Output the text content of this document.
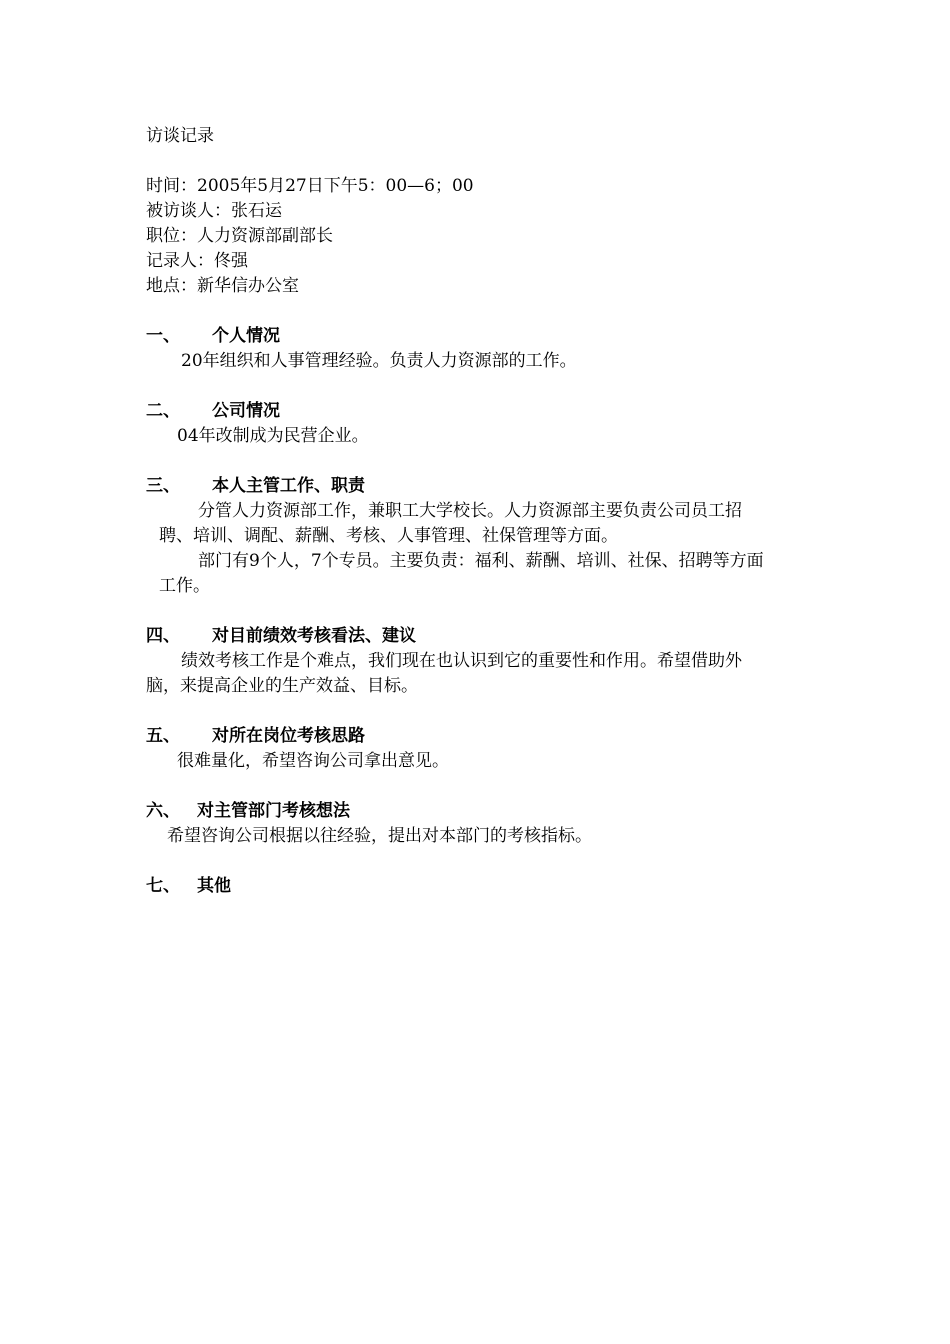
访谈记录
时间：2005年5月27日下午5：00—6；00
被访谈人：张石运
职位：人力资源部副部长
记录人：佟强
地点：新华信办公室
一、 个人情况
20年组织和人事管理经验。负责人力资源部的工作。
二、 公司情况
04年改制成为民营企业。
三、 本人主管工作、职责
分管人力资源部工作，兼职工大学校长。人力资源部主要负责公司员工招
聘、培训、调配、薪酬、考核、人事管理、社保管理等方面。
部门有9个人，7个专员。主要负责：福利、薪酬、培训、社保、招聘等方面
工作。
四、 对目前绩效考核看法、建议
绩效考核工作是个难点，我们现在也认识到它的重要性和作用。希望借助外
脑，来提高企业的生产效益、目标。
五、 对所在岗位考核思路
很难量化，希望咨询公司拿出意见。
六、 对主管部门考核想法
希望咨询公司根据以往经验，提出对本部门的考核指标。
七、 其他
